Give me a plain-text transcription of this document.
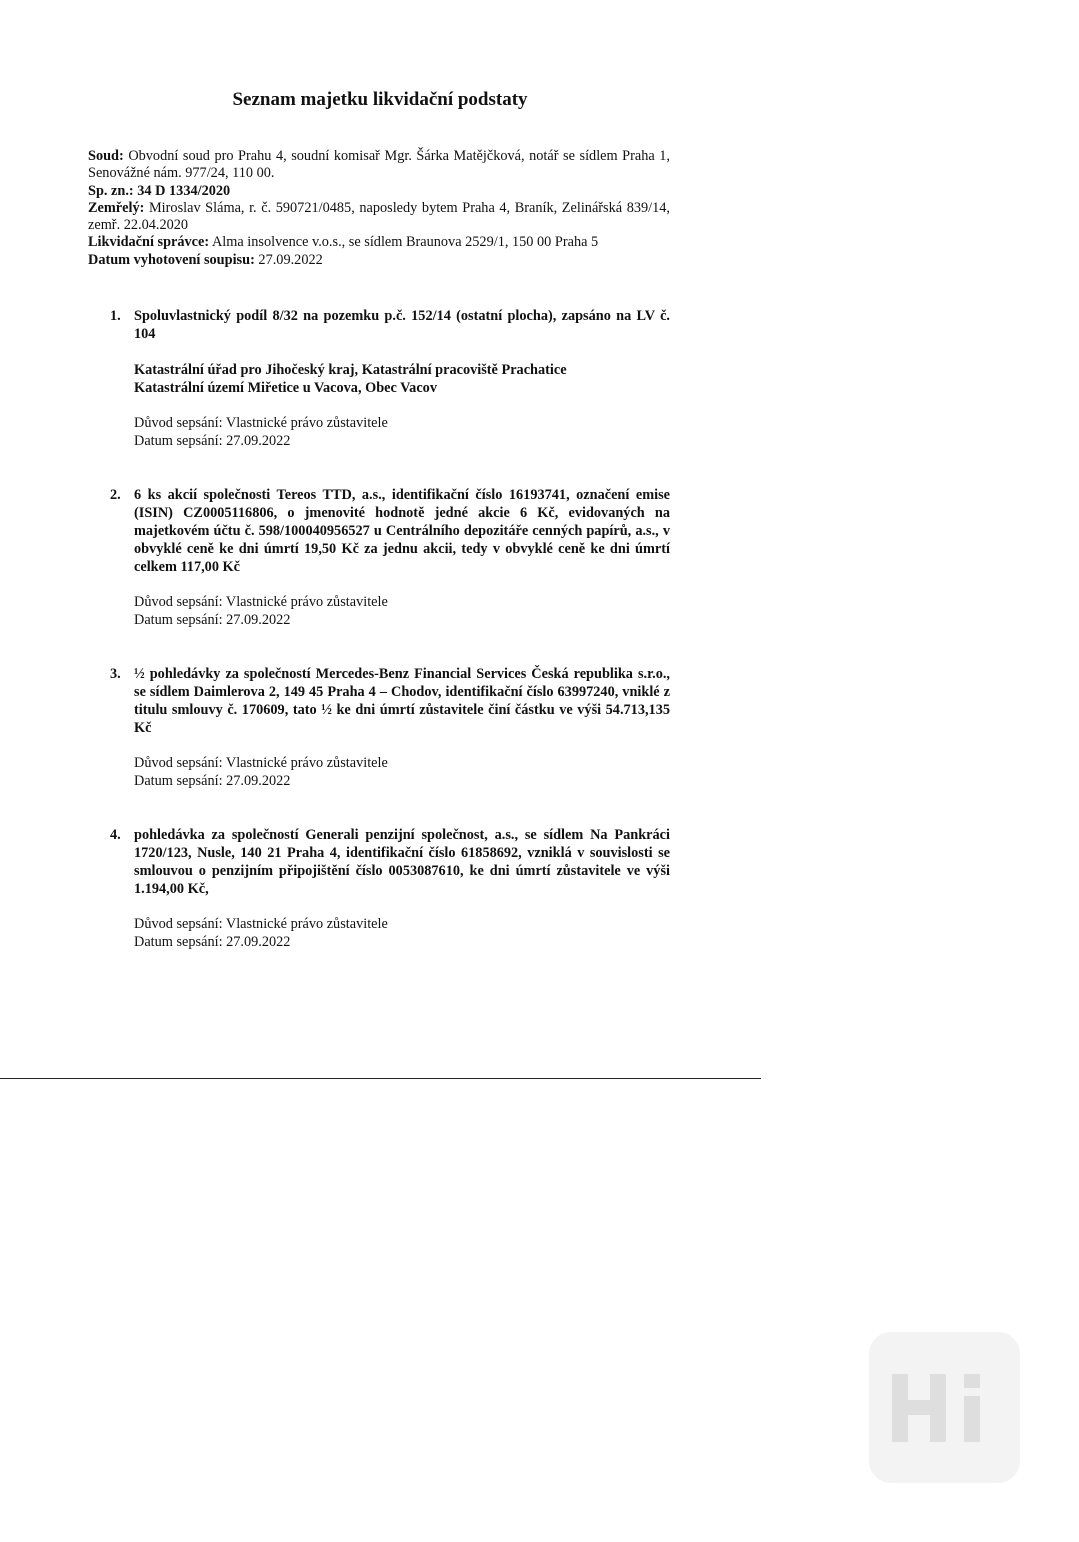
Seznam majetku likvidační podstaty

Soud: Obvodní soud pro Prahu 4, soudní komisař Mgr. Šárka Matějčková, notář se sídlem Praha 1, Senovážné nám. 977/24, 110 00.

Sp. zn.: 34 D 1334/2020

Zemřelý: Miroslav Sláma, r. č. 590721/0485, naposledy bytem Praha 4, Braník, Zelinářská 839/14, zemř. 22.04.2020

Likvidační správce: Alma insolvence v.o.s., se sídlem Braunova 2529/1, 150 00 Praha 5

Datum vyhotovení soupisu: 27.09.2022

1. Spoluvlastnický podíl 8/32 na pozemku p.č. 152/14 (ostatní plocha), zapsáno na LV č. 104

Katastrální úřad pro Jihočeský kraj, Katastrální pracoviště Prachatice
Katastrální území Miřetice u Vacova, Obec Vacov
Důvod sepsání: Vlastnické právo zůstavitele
Datum sepsání: 27.09.2022
2. 6 ks akcií společnosti Tereos TTD, a.s., identifikační číslo 16193741, označení emise (ISIN) CZ0005116806, o jmenovité hodnotě jedné akcie 6 Kč, evidovaných na majetkovém účtu č. 598/100040956527 u Centrálního depozitáře cenných papírů, a.s., v obvyklé ceně ke dni úmrtí 19,50 Kč za jednu akcii, tedy v obvyklé ceně ke dni úmrtí celkem 117,00 Kč

Důvod sepsání: Vlastnické právo zůstavitele
Datum sepsání: 27.09.2022
3. ½ pohledávky za společností Mercedes-Benz Financial Services Česká republika s.r.o., se sídlem Daimlerova 2, 149 45 Praha 4 – Chodov, identifikační číslo 63997240, vniklé z titulu smlouvy č. 170609, tato ½ ke dni úmrtí zůstavitele činí částku ve výši 54.713,135 Kč

Důvod sepsání: Vlastnické právo zůstavitele
Datum sepsání: 27.09.2022
4. pohledávka za společností Generali penzijní společnost, a.s., se sídlem Na Pankráci 1720/123, Nusle, 140 21 Praha 4, identifikační číslo 61858692, vzniklá v souvislosti se smlouvou o penzijním připojištění číslo 0053087610, ke dni úmrtí zůstavitele ve výši 1.194,00 Kč,

Důvod sepsání: Vlastnické právo zůstavitele
Datum sepsání: 27.09.2022
